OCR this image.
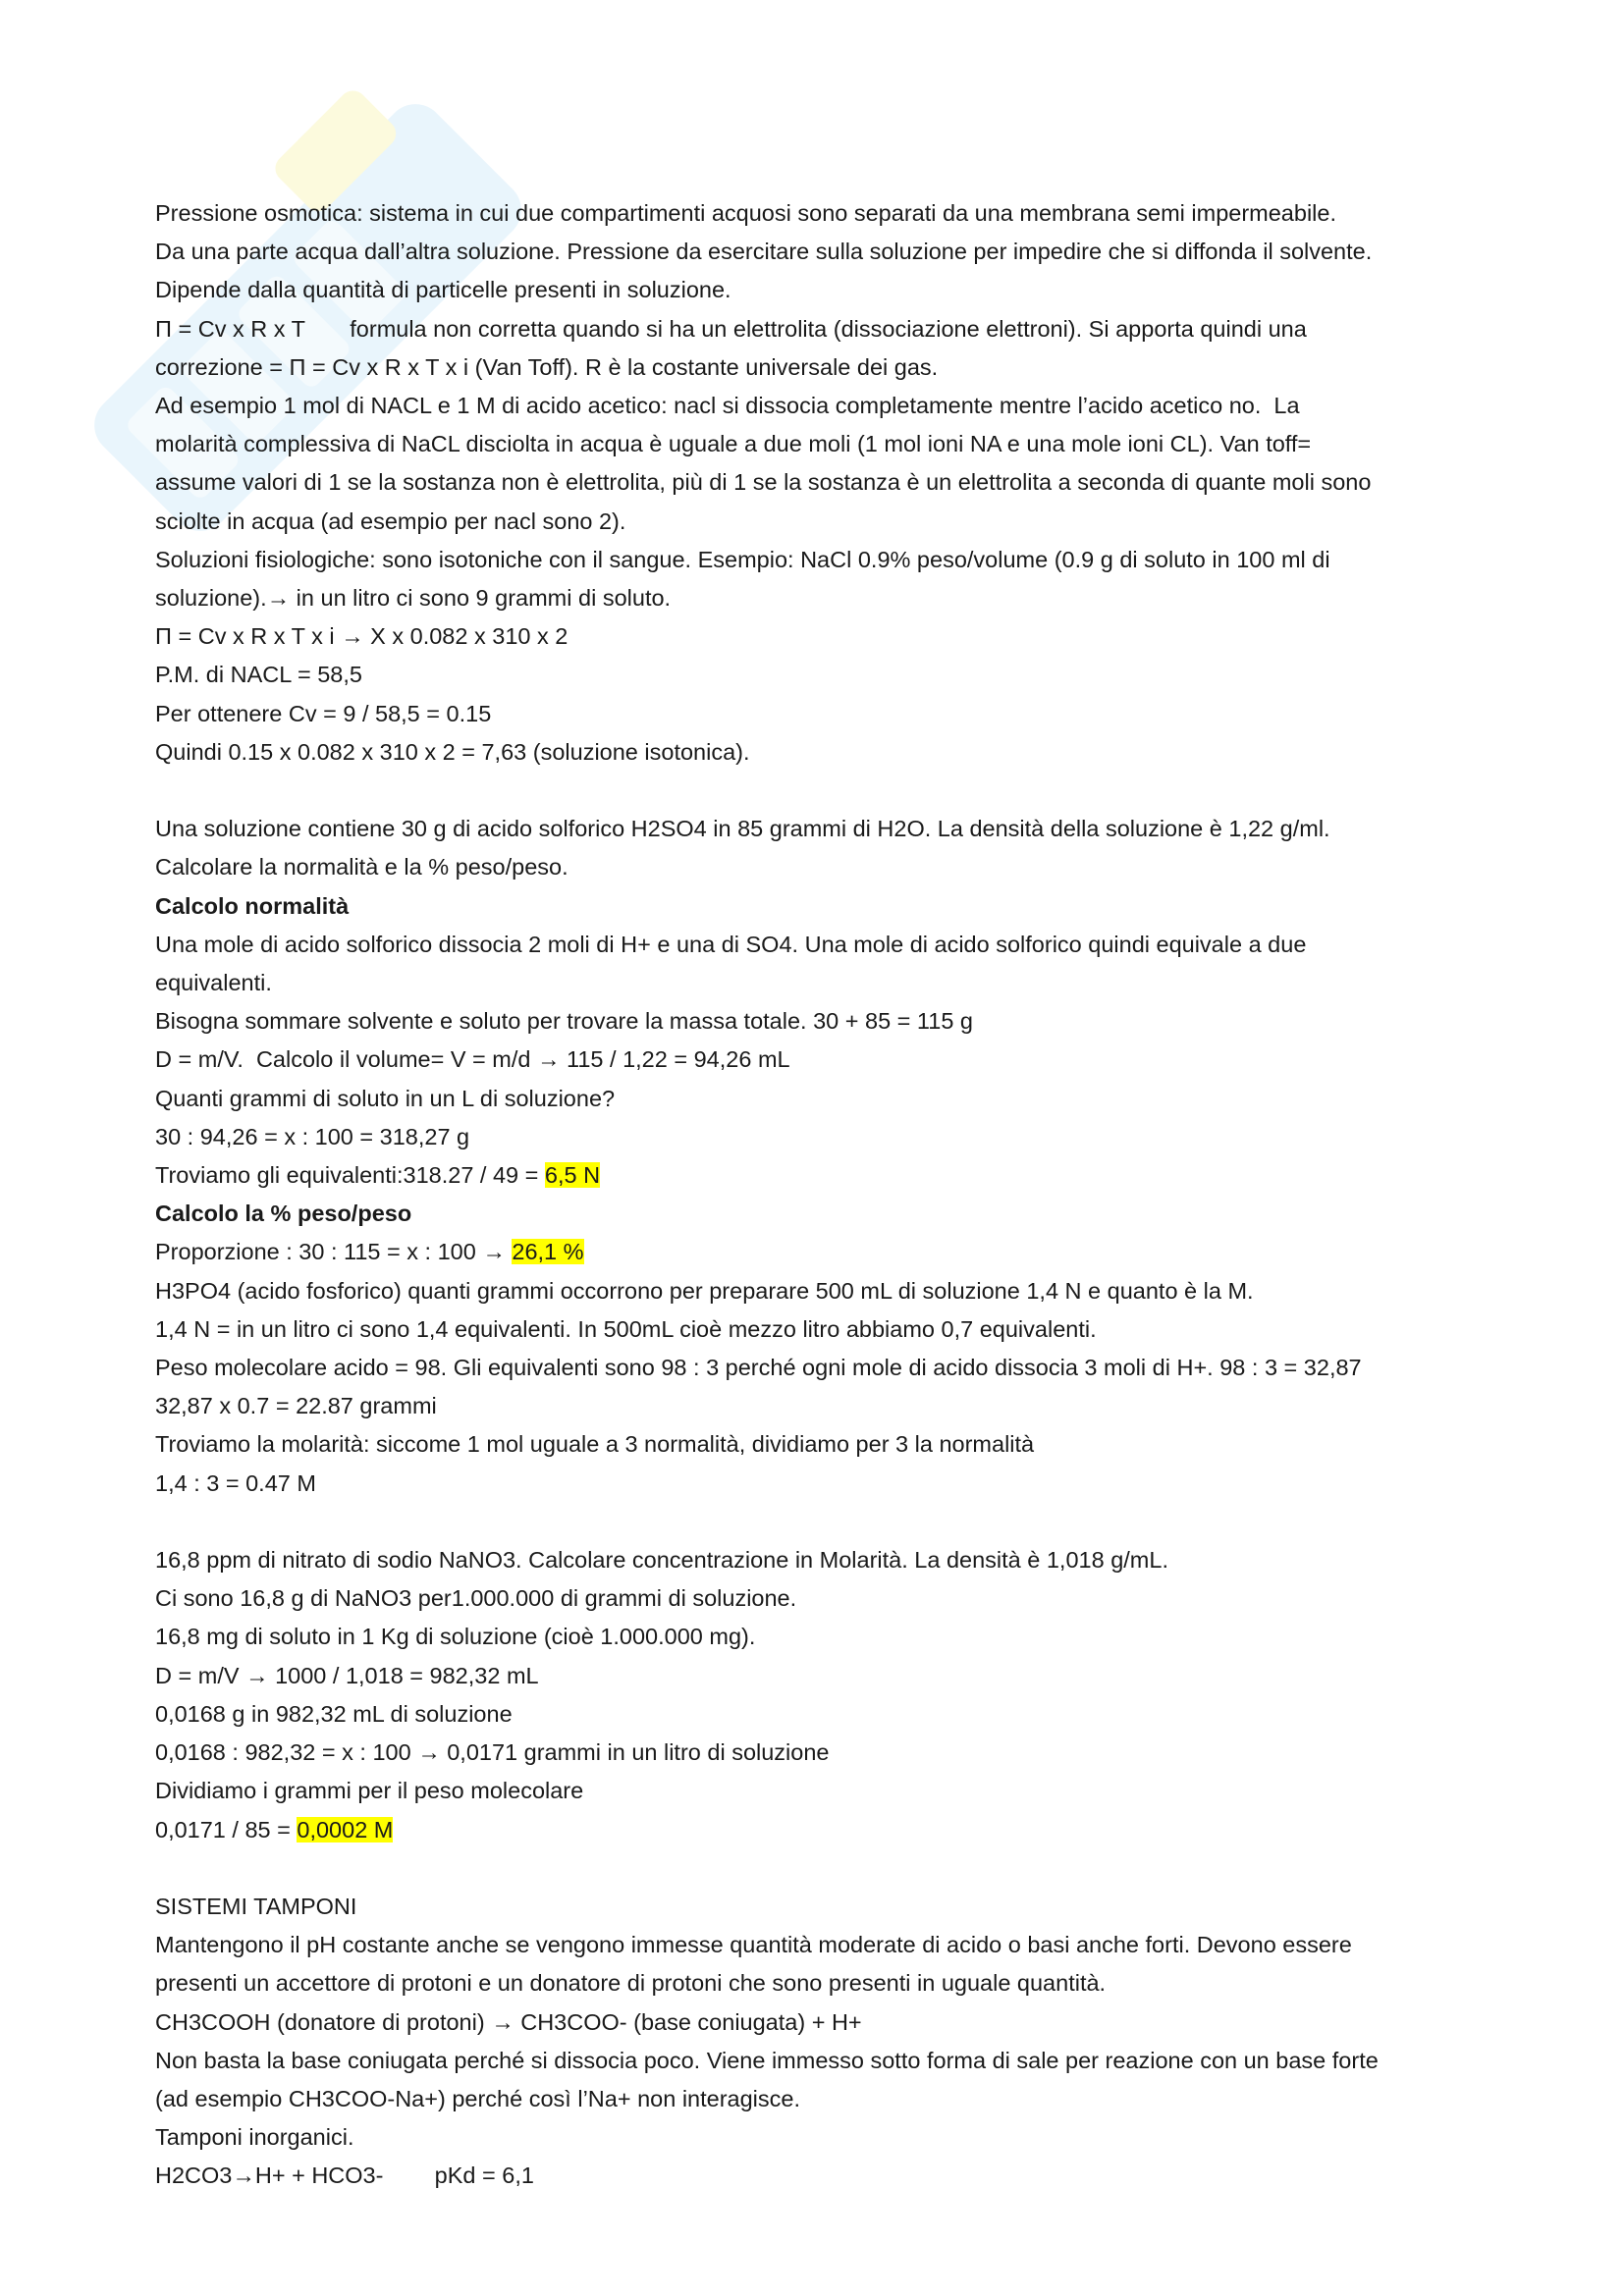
Pressione osmotica: sistema in cui due compartimenti acquosi sono separati da una membrana semi impermeabile.
Da una parte acqua dall’altra soluzione. Pressione da esercitare sulla soluzione per impedire che si diffonda il solvente.
Dipende dalla quantità di particelle presenti in soluzione.
Π = Cv x R x T       formula non corretta quando si ha un elettrolita (dissociazione elettroni). Si apporta quindi una
correzione = Π = Cv x R x T x i (Van Toff). R è la costante universale dei gas.
Ad esempio 1 mol di NACL e 1 M di acido acetico: nacl si dissocia completamente mentre l’acido acetico no.  La
molarità complessiva di NaCL disciolta in acqua è uguale a due moli (1 mol ioni NA e una mole ioni CL). Van toff=
assume valori di 1 se la sostanza non è elettrolita, più di 1 se la sostanza è un elettrolita a seconda di quante moli sono
sciolte in acqua (ad esempio per nacl sono 2).
Soluzioni fisiologiche: sono isotoniche con il sangue. Esempio: NaCl 0.9% peso/volume (0.9 g di soluto in 100 ml di
soluzione).→ in un litro ci sono 9 grammi di soluto.
Π = Cv x R x T x i → X x 0.082 x 310 x 2
P.M. di NACL = 58,5
Per ottenere Cv = 9 / 58,5 = 0.15
Quindi 0.15 x 0.082 x 310 x 2 = 7,63 (soluzione isotonica).
Una soluzione contiene 30 g di acido solforico H2SO4 in 85 grammi di H2O. La densità della soluzione è 1,22 g/ml.
Calcolare la normalità e la % peso/peso.
Calcolo normalità
Una mole di acido solforico dissocia 2 moli di H+ e una di SO4. Una mole di acido solforico quindi equivale a due
equivalenti.
Bisogna sommare solvente e soluto per trovare la massa totale. 30 + 85 = 115 g
D = m/V.  Calcolo il volume= V = m/d → 115 / 1,22 = 94,26 mL
Quanti grammi di soluto in un L di soluzione?
30 : 94,26 = x : 100 = 318,27 g
Troviamo gli equivalenti:318.27 / 49 = 6,5 N
Calcolo la % peso/peso
Proporzione : 30 : 115 = x : 100 → 26,1 %
H3PO4 (acido fosforico) quanti grammi occorrono per preparare 500 mL di soluzione 1,4 N e quanto è la M.
1,4 N = in un litro ci sono 1,4 equivalenti. In 500mL cioè mezzo litro abbiamo 0,7 equivalenti.
Peso molecolare acido = 98. Gli equivalenti sono 98 : 3 perché ogni mole di acido dissocia 3 moli di H+. 98 : 3 = 32,87
32,87 x 0.7 = 22.87 grammi
Troviamo la molarità: siccome 1 mol uguale a 3 normalità, dividiamo per 3 la normalità
1,4 : 3 = 0.47 M
16,8 ppm di nitrato di sodio NaNO3. Calcolare concentrazione in Molarità. La densità è 1,018 g/mL.
Ci sono 16,8 g di NaNO3 per1.000.000 di grammi di soluzione.
16,8 mg di soluto in 1 Kg di soluzione (cioè 1.000.000 mg).
D = m/V → 1000 / 1,018 = 982,32 mL
0,0168 g in 982,32 mL di soluzione
0,0168 : 982,32 = x : 100 → 0,0171 grammi in un litro di soluzione
Dividiamo i grammi per il peso molecolare
0,0171 / 85 = 0,0002 M
SISTEMI TAMPONI
Mantengono il pH costante anche se vengono immesse quantità moderate di acido o basi anche forti. Devono essere
presenti un accettore di protoni e un donatore di protoni che sono presenti in uguale quantità.
CH3COOH (donatore di protoni) → CH3COO- (base coniugata) + H+
Non basta la base coniugata perché si dissocia poco. Viene immesso sotto forma di sale per reazione con un base forte
(ad esempio CH3COO-Na+) perché così l’Na+ non interagisce.
Tamponi inorganici.
H2CO3→H+ + HCO3-        pKd = 6,1
